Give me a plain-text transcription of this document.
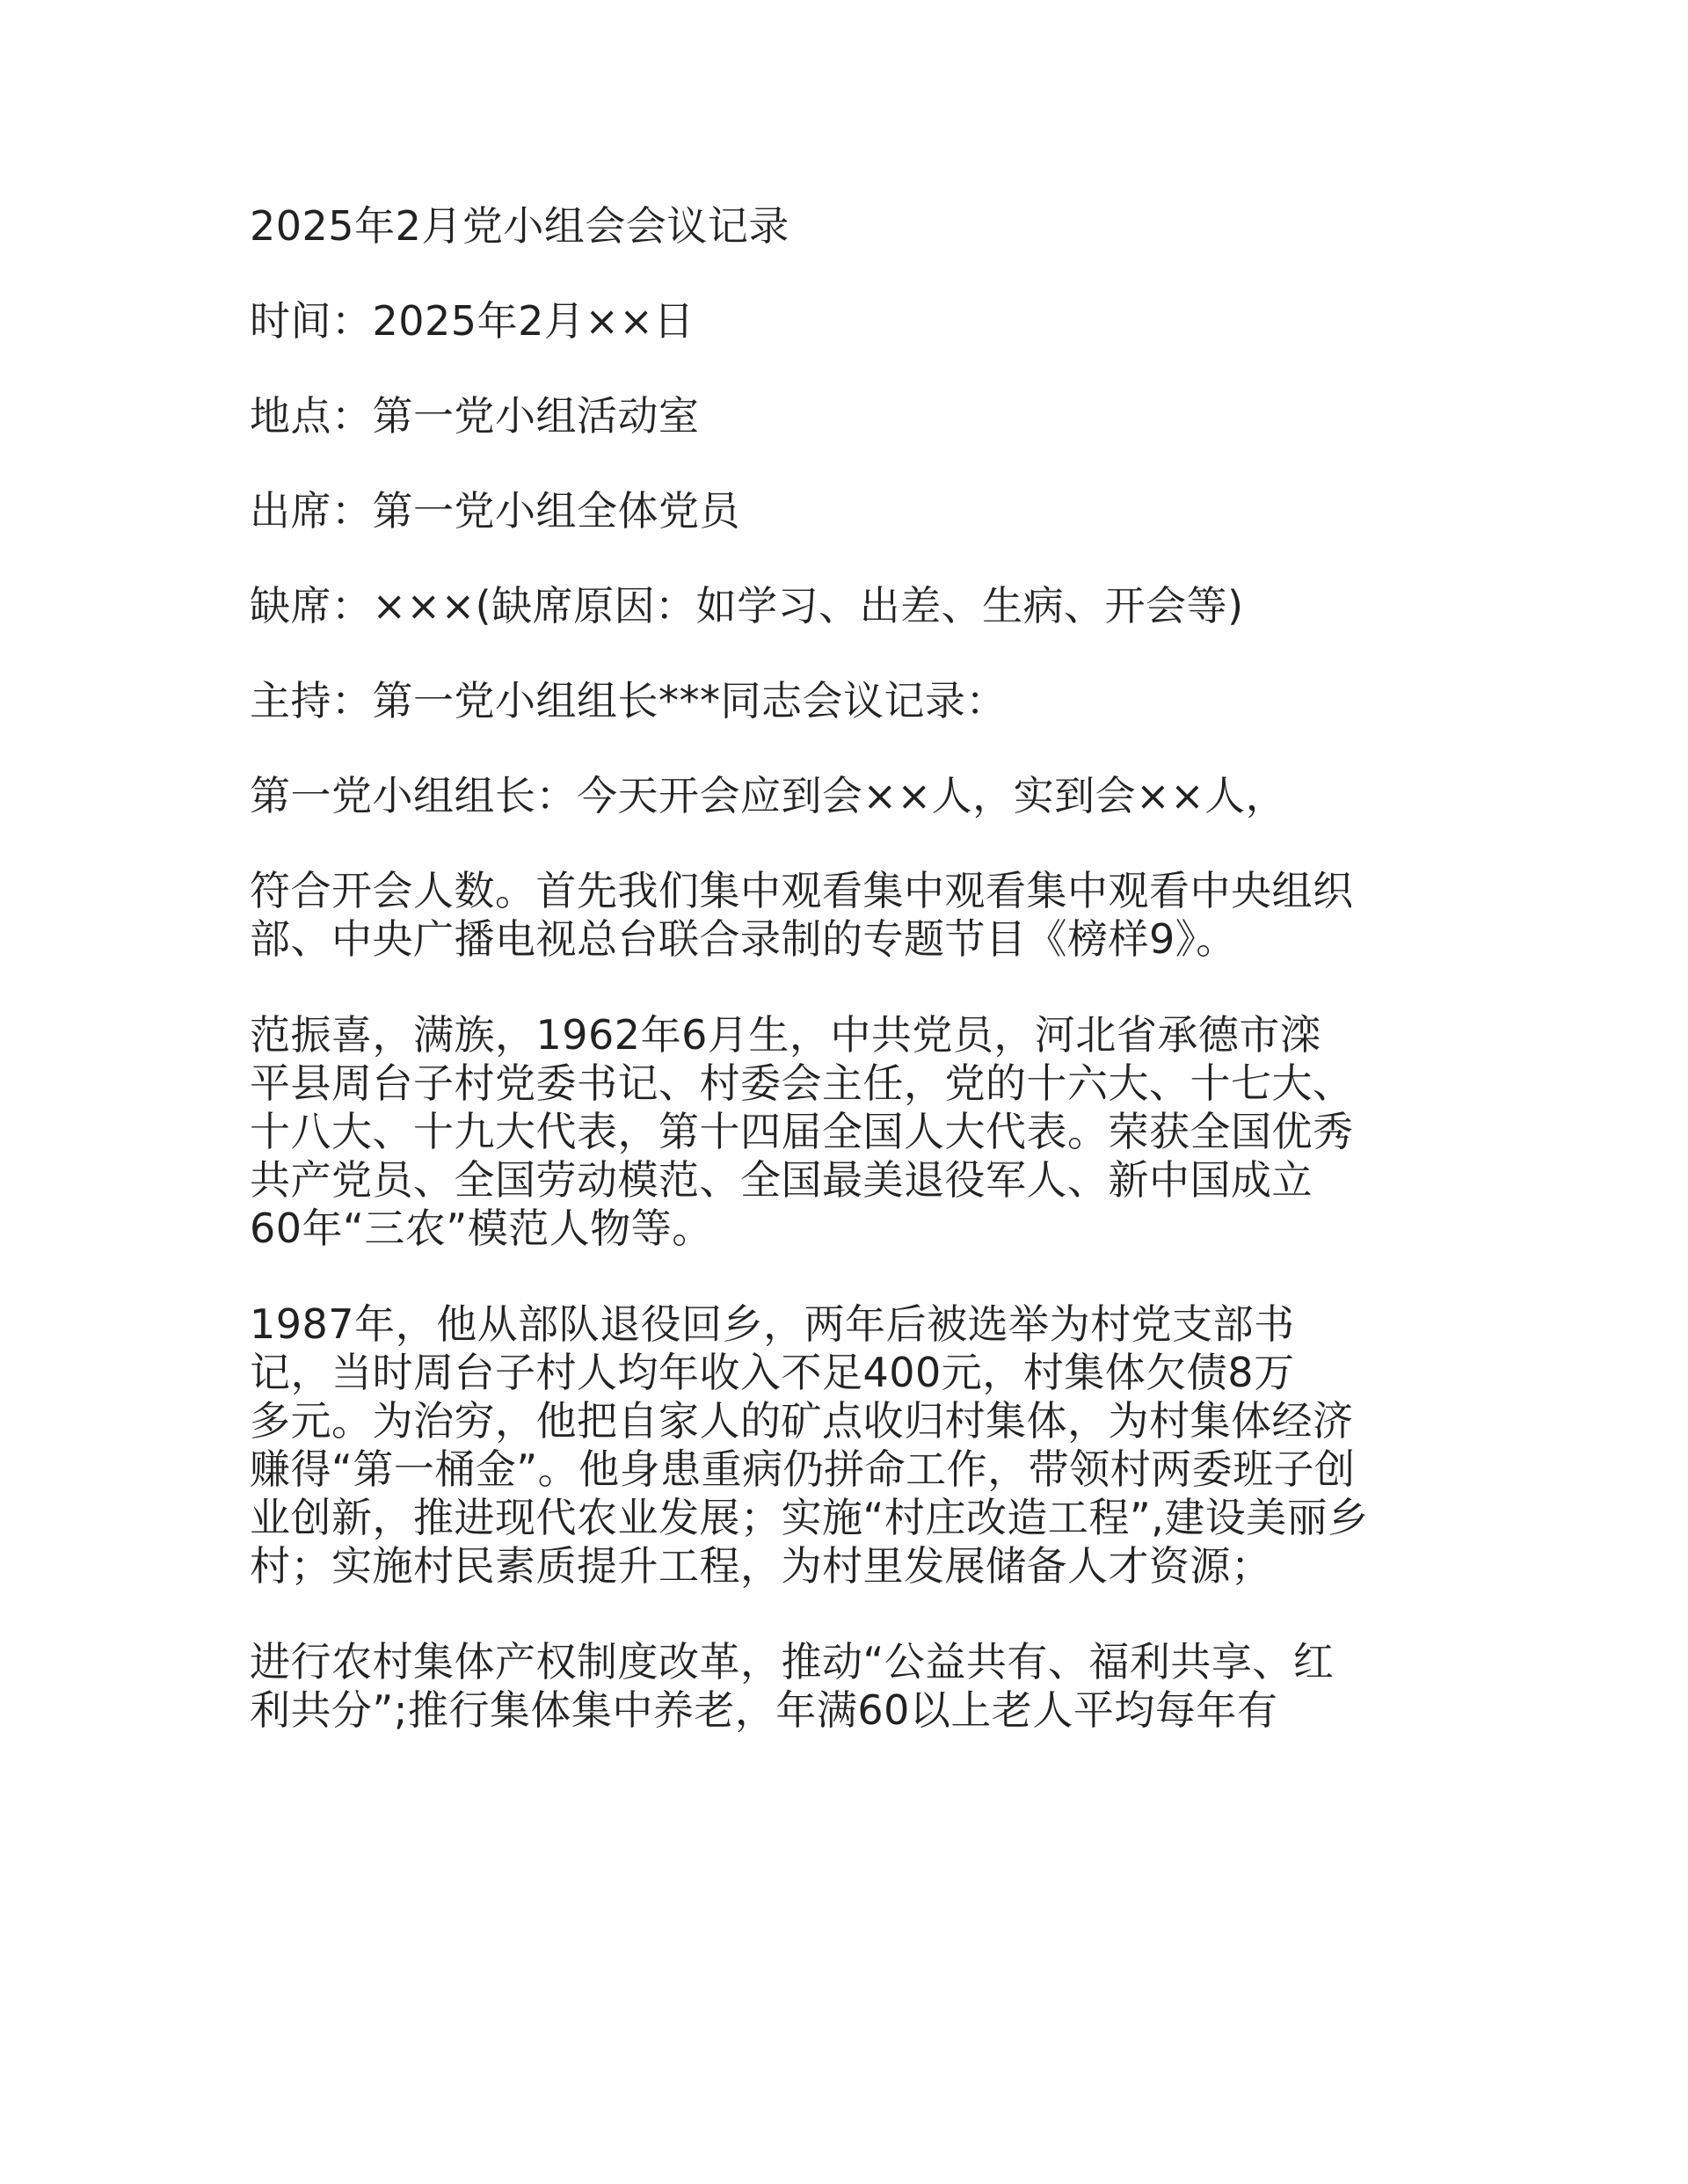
2025年2月党小组会会议记录
时间：2025年2月××日
地点：第一党小组活动室
出席：第一党小组全体党员
缺席：×××(缺席原因：如学习、出差、生病、开会等)
主持：第一党小组组长***同志会议记录：
第一党小组组长：今天开会应到会××人，实到会××人，
符合开会人数。首先我们集中观看集中观看集中观看中央组织
部、中央广播电视总台联合录制的专题节目《榜样9》。
范振喜，满族，1962年6月生，中共党员，河北省承德市滦
平县周台子村党委书记、村委会主任，党的十六大、十七大、
十八大、十九大代表，第十四届全国人大代表。荣获全国优秀
共产党员、全国劳动模范、全国最美退役军人、新中国成立
60年“三农”模范人物等。
1987年，他从部队退役回乡，两年后被选举为村党支部书
记，当时周台子村人均年收入不足400元，村集体欠债8万
多元。为治穷，他把自家人的矿点收归村集体，为村集体经济
赚得“第一桶金”。他身患重病仍拼命工作，带领村两委班子创
业创新，推进现代农业发展；实施“村庄改造工程”,建设美丽乡
村；实施村民素质提升工程，为村里发展储备人才资源；
进行农村集体产权制度改革，推动“公益共有、福利共享、红
利共分”;推行集体集中养老，年满60以上老人平均每年有
